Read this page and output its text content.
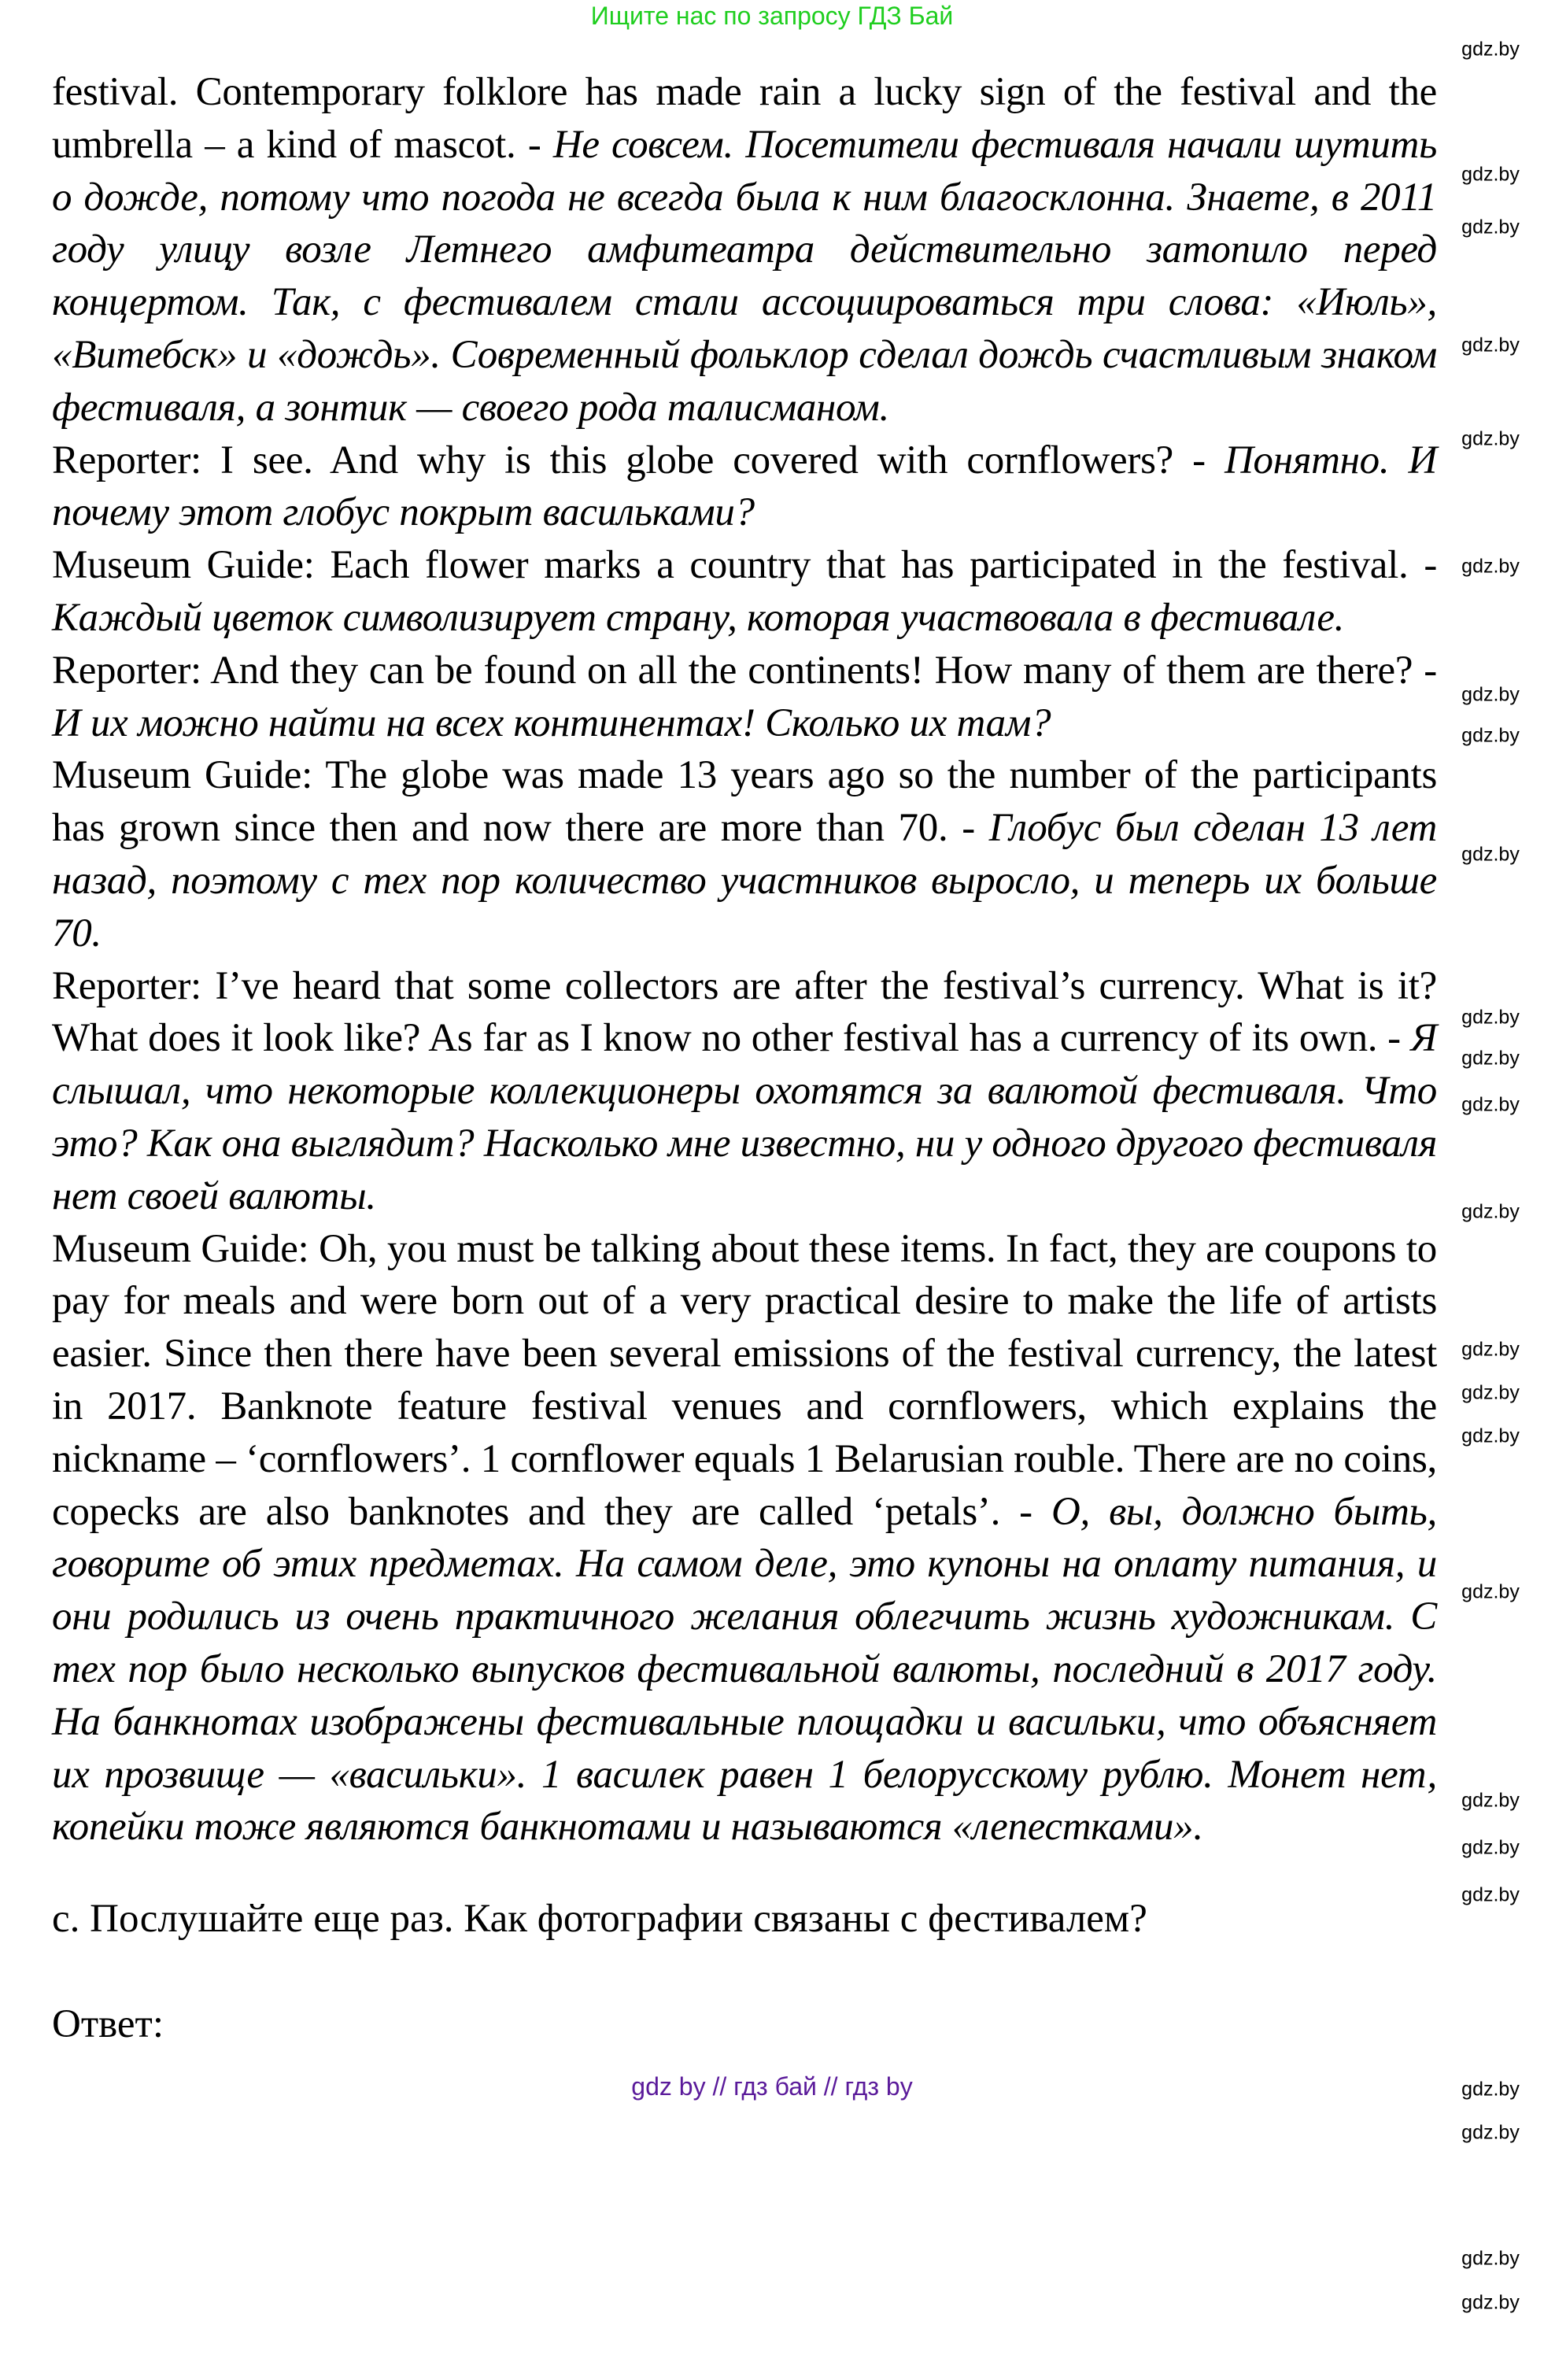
Ищите нас по запросу ГДЗ Бай

festival. Contemporary folklore has made rain a lucky sign of the festival and the umbrella – a kind of mascot. - Не совсем. Посетители фестиваля начали шутить о дожде, потому что погода не всегда была к ним благосклонна. Знаете, в 2011 году улицу возле Летнего амфитеатра действительно затопило перед концертом. Так, с фестивалем стали ассоциироваться три слова: «Июль», «Витебск» и «дождь». Современный фольклор сделал дождь счастливым знаком фестиваля, а зонтик — своего рода талисманом.

Reporter: I see. And why is this globe covered with cornflowers? - Понятно. И почему этот глобус покрыт васильками?

Museum Guide: Each flower marks a country that has participated in the festival. - Каждый цветок символизирует страну, которая участвовала в фестивале.

Reporter: And they can be found on all the continents! How many of them are there? - И их можно найти на всех континентах! Сколько их там?

Museum Guide: The globe was made 13 years ago so the number of the participants has grown since then and now there are more than 70. - Глобус был сделан 13 лет назад, поэтому с тех пор количество участников выросло, и теперь их больше 70.

Reporter: I’ve heard that some collectors are after the festival’s currency. What is it? What does it look like? As far as I know no other festival has a currency of its own. - Я слышал, что некоторые коллекционеры охотятся за валютой фестиваля. Что это? Как она выглядит? Насколько мне известно, ни у одного другого фестиваля нет своей валюты.

Museum Guide: Oh, you must be talking about these items. In fact, they are coupons to pay for meals and were born out of a very practical desire to make the life of artists easier. Since then there have been several emissions of the festival currency, the latest in 2017. Banknote feature festival venues and cornflowers, which explains the nickname – ‘cornflowers’. 1 cornflower equals 1 Belarusian rouble. There are no coins, copecks are also banknotes and they are called ‘petals’. - О, вы, должно быть, говорите об этих предметах. На самом деле, это купоны на оплату питания, и они родились из очень практичного желания облегчить жизнь художникам. С тех пор было несколько выпусков фестивальной валюты, последний в 2017 году. На банкнотах изображены фестивальные площадки и васильки, что объясняет их прозвище — «васильки». 1 василек равен 1 белорусскому рублю. Монет нет, копейки тоже являются банкнотами и называются «лепестками».

c. Послушайте еще раз. Как фотографии связаны с фестивалем?
Ответ:
gdz by // гдз бай // гдз by
gdz.by
gdz.by
gdz.by
gdz.by
gdz.by
gdz.by
gdz.by
gdz.by
gdz.by
gdz.by
gdz.by
gdz.by
gdz.by
gdz.by
gdz.by
gdz.by
gdz.by
gdz.by
gdz.by
gdz.by
gdz.by
gdz.by
gdz.by
gdz.by
